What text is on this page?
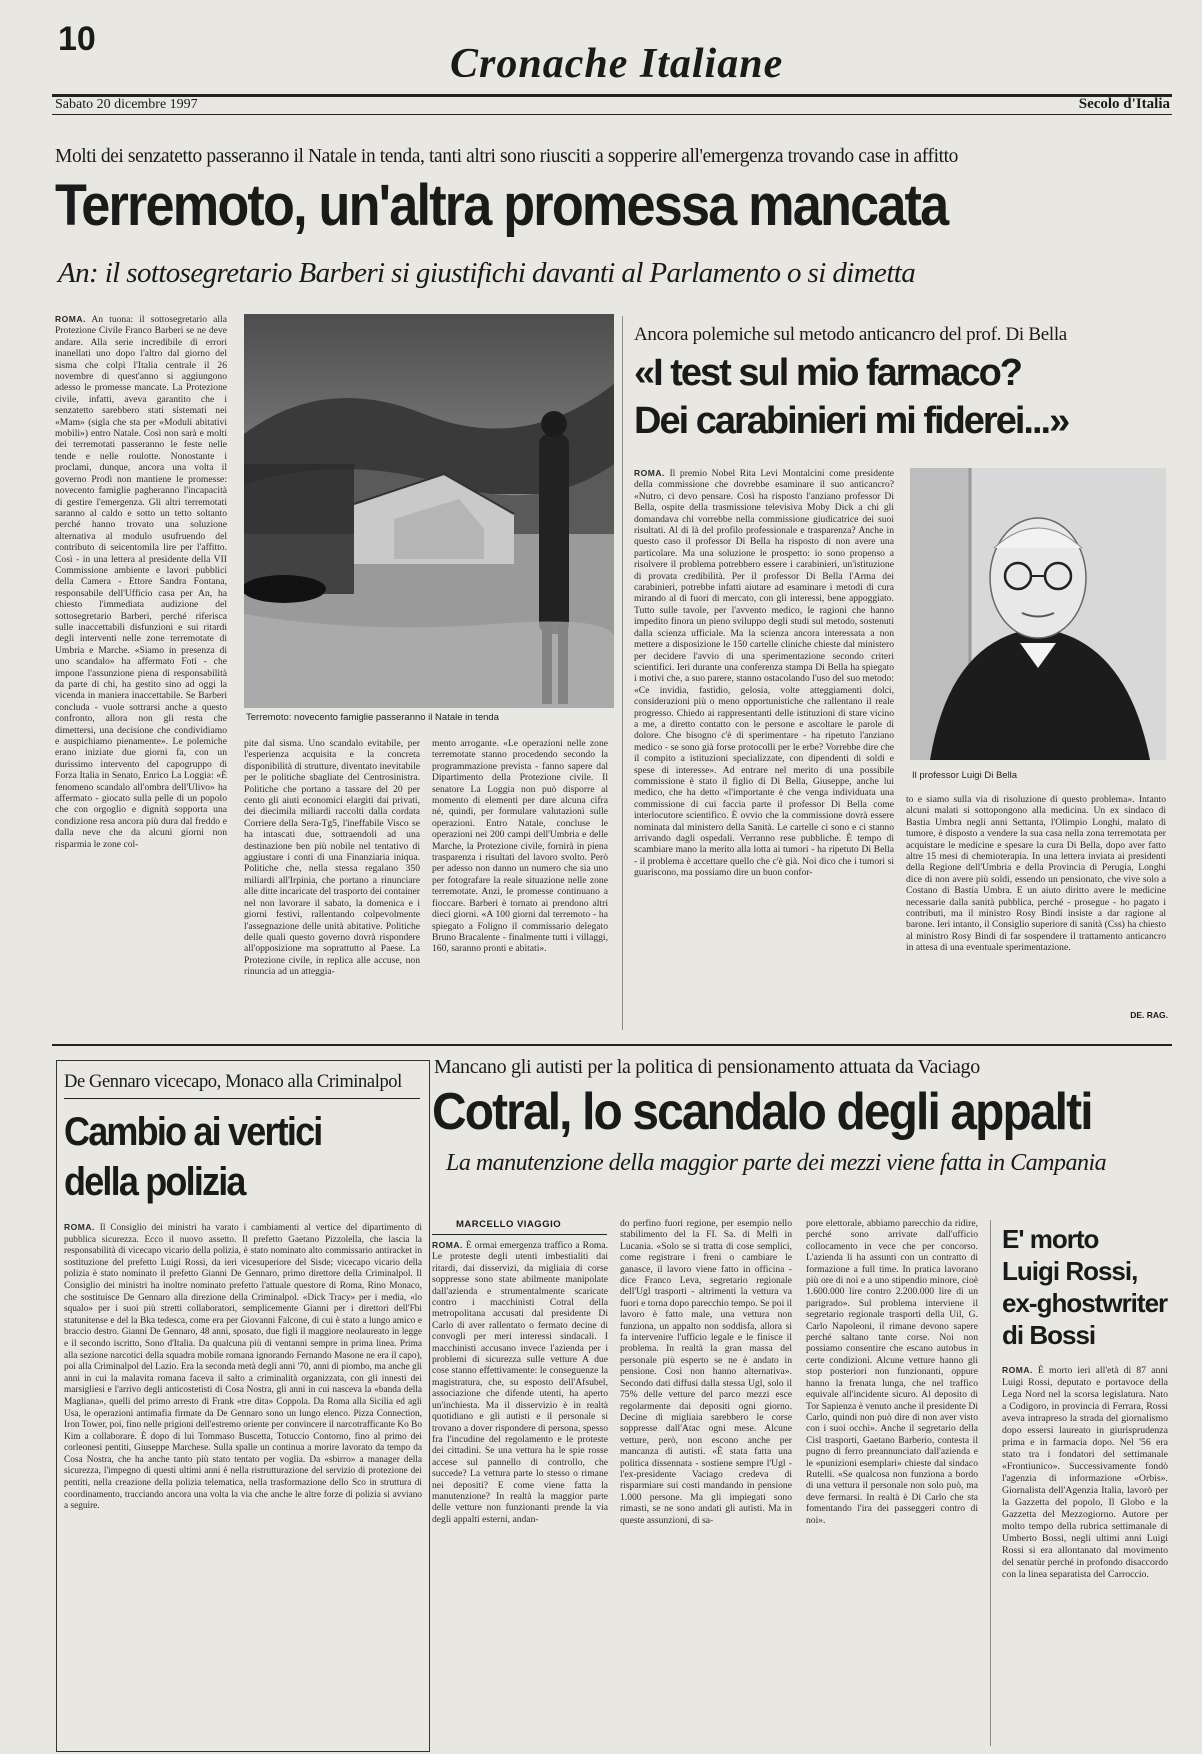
10
Cronache Italiane
Sabato 20 dicembre 1997	Secolo d'Italia
Molti dei senzatetto passeranno il Natale in tenda, tanti altri sono riusciti a sopperire all'emergenza trovando case in affitto
Terremoto, un'altra promessa mancata
An: il sottosegretario Barberi si giustifichi davanti al Parlamento o si dimetta

ROMA. An tuona: il sottosegretario alla Protezione Civile Franco Barberi se ne deve andare. Alla serie incredibile di errori inanellati uno dopo l'altro dal giorno del sisma che colpì l'Italia centrale il 26 novembre di quest'anno si aggiungono adesso le promesse mancate. La Protezione civile, infatti, aveva garantito che i senzatetto sarebbero stati sistemati nei «Mam» (sigla che sta per «Moduli abitativi mobili») entro Natale. Così non sarà e molti dei terremotati passeranno le feste nelle tende e nelle roulotte. Nonostante i proclami, dunque, ancora una volta il governo Prodi non mantiene le promesse: novecento famiglie pagheranno l'incapacità di gestire l'emergenza. Gli altri terremotati saranno al caldo e sotto un tetto soltanto perché hanno trovato una soluzione alternativa al modulo usufruendo del contributo di seicentomila lire per l'affitto. Così - in una lettera al presidente della VII Commissione ambiente e lavori pubblici della Camera - Ettore Sandra Fontana, responsabile dell'Ufficio casa per An, ha chiesto l'immediata audizione del sottosegretario Barberi, perché riferisca sulle inaccettabili disfunzioni e sui ritardi degli interventi nelle zone terremotate di Umbria e Marche. «Siamo in presenza di uno scandalo» ha affermato Foti - che impone l'assunzione piena di responsabilità da parte di chi, ha gestito sino ad oggi la vicenda in maniera inaccettabile. Se Barberi concluda - vuole sottrarsi anche a questo confronto, allora non gli resta che dimettersi, una decisione che condividiamo e auspichiamo pienamente». Le polemiche erano iniziate due giorni fa, con un durissimo intervento del capogruppo di Forza Italia in Senato, Enrico La Loggia: «È fenomeno scandalo all'ombra dell'Ulivo» ha affermato - giocato sulla pelle di un popolo che con orgoglio e dignità sopporta una condizione resa ancora più dura dal freddo e dalla neve che da alcuni giorni non risparmia le zone col-

Terremoto: novecento famiglie passeranno il Natale in tenda

pite dal sisma. Uno scandalo evitabile, per l'esperienza acquisita e la concreta disponibilità di strutture, diventato inevitabile per le politiche sbagliate del Centrosinistra. Politiche che portano a tassare del 20 per cento gli aiuti economici elargiti dai privati, dei diecimila miliardi raccolti dalla cordata Corriere della Sera-Tg5, l'ineffabile Visco se ha intascati due, sottraendoli ad una destinazione ben più nobile nel tentativo di aggiustare i conti di una Finanziaria iniqua. Politiche che, nella stessa regalano 350 miliardi all'Irpinia, che portano a rinunciare alle ditte incaricate del trasporto dei container nel non lavorare il sabato, la domenica e i giorni festivi, rallentando colpevolmente l'assegnazione delle unità abitative. Politiche delle quali questo governo dovrà rispondere all'opposizione ma soprattutto al Paese. La Protezione civile, in replica alle accuse, non rinuncia ad un atteggia-

mento arrogante. «Le operazioni nelle zone terremotate stanno procedendo secondo la programmazione prevista - fanno sapere dal Dipartimento della Protezione civile. Il senatore La Loggia non può disporre al momento di elementi per dare alcuna cifra né, quindi, per formulare valutazioni sulle operazioni. Entro Natale, concluse le operazioni nei 200 campi dell'Umbria e delle Marche, la Protezione civile, fornirà in piena trasparenza i risultati del lavoro svolto. Però per adesso non danno un numero che sia uno per fotografare la reale situazione nelle zone terremotate. Anzi, le promesse continuano a fioccare. Barberi è tornato ai prendono altri dieci giorni. «A 100 giorni dal terremoto - ha spiegato a Foligno il commissario delegato Bruno Bracalente - finalmente tutti i villaggi, 160, saranno pronti e abitati».

Ancora polemiche sul metodo anticancro del prof. Di Bella
«I test sul mio farmaco?
Dei carabinieri mi fiderei...»

ROMA. Il premio Nobel Rita Levi Montalcini come presidente della commissione che dovrebbe esaminare il suo anticancro? «Nutro, ci devo pensare. Così ha risposto l'anziano professor Di Bella, ospite della trasmissione televisiva Moby Dick a chi gli domandava chi vorrebbe nella commissione giudicatrice dei suoi risultati. Al di là del profilo professionale e trasparenza? Anche in questo caso il professor Di Bella ha risposto di non avere una particolare. Ma una soluzione le prospetto: io sono propenso a risolvere il problema potrebbero essere i carabinieri, un'istituzione di provata credibilità. Per il professor Di Bella l'Arma dei carabinieri, potrebbe infatti aiutare ad esaminare i metodi di cura mirando al di fuori di mercato, con gli interessi, bene appoggiato. Tutto sulle tavole, per l'avvento medico, le ragioni che hanno impedito finora un pieno sviluppo degli studi sul metodo, sostenuti dalla scienza ufficiale. Ma la scienza ancora interessata a non mettere a disposizione le 150 cartelle cliniche chieste dal ministero per decidere l'avvio di una sperimentazione secondo criteri scientifici. Ieri durante una conferenza stampa Di Bella ha spiegato i motivi che, a suo parere, stanno ostacolando l'uso del suo metodo: «Ce invidia, fastidio, gelosia, volte atteggiamenti dolci, considerazioni più o meno opportunistiche che rallentano il reale progresso. Chiedo ai rappresentanti delle istituzioni di stare vicino a me, a diretto contatto con le persone e ascoltare le parole di dolore. Che bisogno c'è di sperimentare - ha ripetuto l'anziano medico - se sono già forse protocolli per le erbe? Vorrebbe dire che il compito a istituzioni specializzate, con dipendenti di soldi e spese di interesse». Ad entrare nel merito di una possibile commissione è stato il figlio di Di Bella, Giuseppe, anche lui medico, che ha detto «l'importante è che venga individuata una commissione di cui faccia parte il professor Di Bella come interlocutore scientifico. È ovvio che la commissione dovrà essere nominata dal ministero della Sanità. Le cartelle ci sono e ci stanno arrivando dagli ospedali. Verranno rese pubbliche. È tempo di scambiare mano la merito alla lotta ai tumori - ha ripetuto Di Bella - il problema è accettare quello che c'è già. Noi dico che i tumori si guariscono, ma possiamo dire un buon confor-

Il professor Luigi Di Bella

to e siamo sulla via di risoluzione di questo problema». Intanto alcuni malati si sottopongono alla medicina. Un ex sindaco di Bastia Umbra negli anni Settanta, l'Olimpio Longhi, malato di tumore, è disposto a vendere la sua casa nella zona terremotata per acquistare le medicine e spesare la cura Di Bella, dopo aver fatto altre 15 mesi di chemioterapia. In una lettera inviata ai presidenti della Regione dell'Umbria e della Provincia di Perugia, Longhi dice di non avere più soldi, essendo un pensionato, che vive solo a Costano di Bastia Umbra. E un aiuto diritto avere le medicine necessarie dalla sanità pubblica, perché - prosegue - ho pagato i contributi, ma il ministro Rosy Bindi insiste a dar ragione al barone. Ieri intanto, il Consiglio superiore di sanità (Css) ha chiesto al ministro Rosy Bindi di far sospendere il trattamento anticancro in attesa di una eventuale sperimentazione.

DE. RAG.
De Gennaro vicecapo, Monaco alla Criminalpol
Cambio ai vertici
della polizia

ROMA. Il Consiglio dei ministri ha varato i cambiamenti al vertice del dipartimento di pubblica sicurezza. Ecco il nuovo assetto. Il prefetto Gaetano Pizzolella, che lascia la responsabilità di vicecapo vicario della polizia, è stato nominato alto commissario antiracket in sostituzione del prefetto Luigi Rossi, da ieri vicesuperiore del Sisde; vicecapo vicario della polizia è stato nominato il prefetto Gianni De Gennaro, primo direttore della Criminalpol. Il Consiglio dei ministri ha inoltre nominato prefetto l'attuale questore di Roma, Rino Monaco, che sostituisce De Gennaro alla direzione della Criminalpol. «Dick Tracy» per i media, «lo squalo» per i suoi più stretti collaboratori, semplicemente Gianni per i direttori dell'Fbi statunitense e del la Bka tedesca, come era per Giovanni Falcone, di cui è stato a lungo amico e braccio destro. Gianni De Gennaro, 48 anni, sposato, due figli il maggiore neolaureato in legge e il secondo iscritto, Sono d'Italia. Da qualcuna più di ventanni sempre in prima linea. Prima alla sezione narcotici della squadra mobile romana ignorando Fernando Masone ne era il capo), poi alla Criminalpol del Lazio. Era la seconda metà degli anni '70, anni di piombo, ma anche gli anni in cui la malavita romana faceva il salto a criminalità organizzata, con gli innesti dei marsigliesi e l'arrivo degli anticostetisti di Cosa Nostra, gli anni in cui nasceva la «banda della Magliana», quelli del primo arresto di Frank «tre dita» Coppola. Da Roma alla Sicilia ed agli Usa, le operazioni antimafia firmate da De Gennaro sono un lungo elenco. Pizza Connection, Iron Tower, poi, fino nelle prigioni dell'estremo oriente per convincere il narcotrafficante Ko Bo Kim a collaborare. È dopo di lui Tommaso Buscetta, Totuccio Contorno, fino al primo dei corleonesi pentiti, Giuseppe Marchese. Sulla spalle un continua a morire lavorato da tempo da Cosa Nostra, che ha anche tanto più stato tentato per voglia. Da «sbirro» a manager della sicurezza, l'impegno di questi ultimi anni è nella ristrutturazione del servizio di protezione dei pentiti, nella creazione della polizia telematica, nella trasformazione dello Sco in struttura di coordinamento, tracciando ancora una volta la via che anche le altre forze di polizia si avviano a seguire.

Mancano gli autisti per la politica di pensionamento attuata da Vaciago
Cotral, lo scandalo degli appalti
La manutenzione della maggior parte dei mezzi viene fatta in Campania
MARCELLO VIAGGIO

ROMA. È ormai emergenza traffico a Roma. Le proteste degli utenti imbestialiti dai ritardi, dai disservizi, da migliaia di corse soppresse sono state abilmente manipolate dall'azienda e strumentalmente scaricate contro i macchinisti Cotral della metropolitana accusati dal presidente Di Carlo di aver rallentato o fermato decine di convogli per meri interessi sindacali. I macchinisti accusano invece l'azienda per i problemi di sicurezza sulle vetture A due cose stanno effettivamente: le conseguenze la magistratura, che, su esposto dell'Afsubel, associazione che difende utenti, ha aperto un'inchiesta. Ma il disservizio è in realtà quotidiano e gli autisti e il personale si trovano a dover rispondere di persona, spesso fra l'incudine del regolamento e le proteste dei cittadini. Se una vettura ha le spie rosse accese sul pannello di controllo, che succede? La vettura parte lo stesso o rimane nei depositi? E come viene fatta la manutenzione? In realtà la maggior parte delle vetture non funzionanti prende la via degli appalti esterni, andan-

do perfino fuori regione, per esempio nello stabilimento del la FI. Sa. di Melfi in Lucania. «Solo se si tratta di cose semplici, come registrare i freni o cambiare le ganasce, il lavoro viene fatto in officina - dice Franco Leva, segretario regionale dell'Ugl trasporti - altrimenti la vettura va fuori e torna dopo parecchio tempo. Se poi il lavoro è fatto male, una vettura non funziona, un appalto non soddisfa, allora si fa intervenire l'ufficio legale e le finisce il problema. In realtà la gran massa del personale più esperto se ne è andato in pensione. Così non hanno alternativa». Secondo dati diffusi dalla stessa Ugl, solo il 75% delle vetture del parco mezzi esce regolarmente dai depositi ogni giorno. Decine di migliaia sarebbero le corse soppresse dall'Atac ogni mese. Alcune vetture, però, non escono anche per mancanza di autisti. «È stata fatta una politica dissennata - sostiene sempre l'Ugl - l'ex-presidente Vaciago credeva di risparmiare sui costi mandando in pensione 1.000 persone. Ma gli impiegati sono rimasti, se ne sono andati gli autisti. Ma in queste assunzioni, di sa-

pore elettorale, abbiamo parecchio da ridire, perché sono arrivate dall'ufficio collocamento in vece che per concorso. L'azienda li ha assunti con un contratto di formazione a full time. In pratica lavorano più ore di noi e a uno stipendio minore, cioè 1.600.000 lire contro 2.200.000 lire di un parigrado». Sul problema interviene il segretario regionale trasporti della Uil, G. Carlo Napoleoni, il rimane devono sapere perché saltano tante corse. Noi non possiamo consentire che escano autobus in certe condizioni. Alcune vetture hanno gli stop posteriori non funzionanti, oppure hanno la frenata lunga, che nel traffico equivale all'incidente sicuro. Al deposito di Tor Sapienza è venuto anche il presidente Di Carlo, quindi non può dire di non aver visto con i suoi occhi». Anche il segretario della Cisl trasporti, Gaetano Barberio, contesta il pugno di ferro preannunciato dall'azienda e le «punizioni esemplari» chieste dal sindaco Rutelli. «Se qualcosa non funziona a bordo di una vettura il personale non solo può, ma deve fermarsi. In realtà è Di Carlo che sta fomentando l'ira dei passeggeri contro di noi».

E' morto
Luigi Rossi,
ex-ghostwriter
di Bossi

ROMA. È morto ieri all'età di 87 anni Luigi Rossi, deputato e portavoce della Lega Nord nel la scorsa legislatura. Nato a Codigoro, in provincia di Ferrara, Rossi aveva intrapreso la strada del giornalismo dopo essersi laureato in giurisprudenza prima e in farmacia dopo. Nel '56 era stato tra i fondatori del settimanale «Frontiunico». Successivamente fondò l'agenzia di informazione «Orbis». Giornalista dell'Agenzia Italia, lavorò per la Gazzetta del popolo, Il Globo e la Gazzetta del Mezzogiorno. Autore per molto tempo della rubrica settimanale di Umberto Bossi, negli ultimi anni Luigi Rossi si era allontanato dal movimento del senatùr perché in profondo disaccordo con la linea separatista del Carroccio.
